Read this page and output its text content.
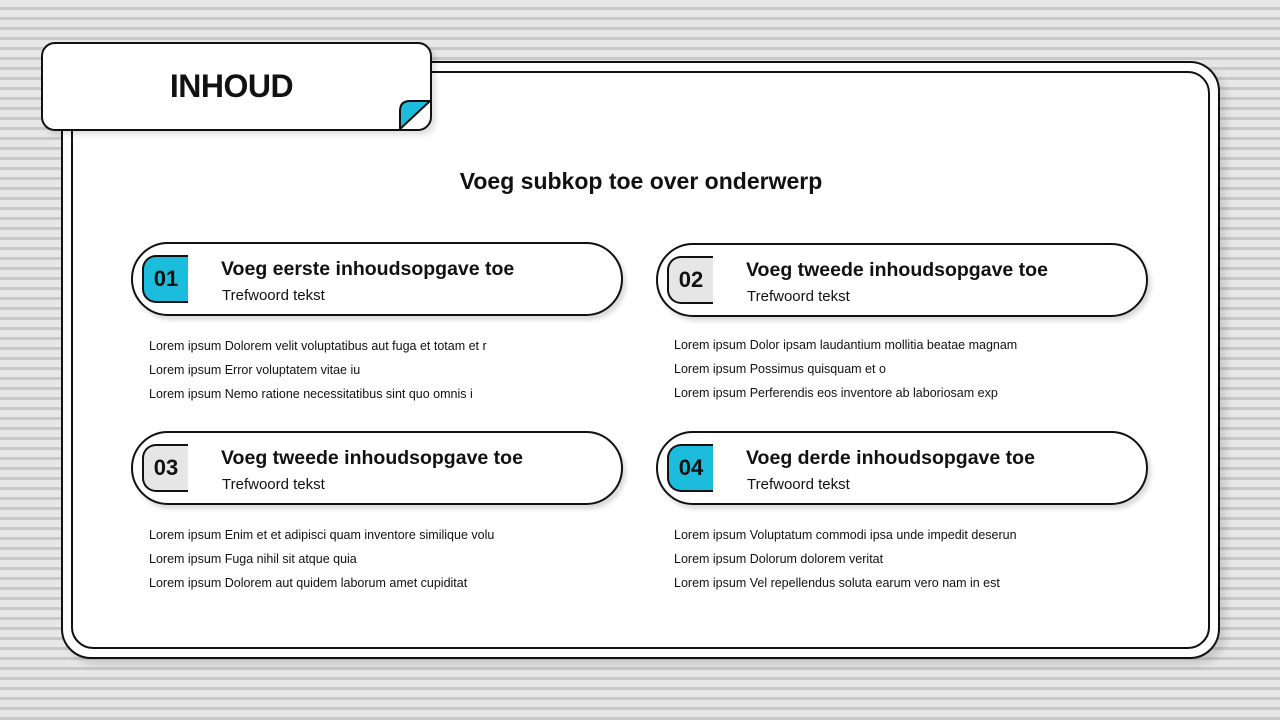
INHOUD
Voeg subkop toe over onderwerp
01	Voeg eerste inhoudsopgave toe
Trefwoord tekst
Lorem ipsum Dolorem velit voluptatibus aut fuga et totam et r
Lorem ipsum Error voluptatem vitae iu
Lorem ipsum Nemo ratione necessitatibus sint quo omnis i
02	Voeg tweede inhoudsopgave toe
Trefwoord tekst
Lorem ipsum Dolor ipsam laudantium mollitia beatae magnam
Lorem ipsum Possimus quisquam et o
Lorem ipsum Perferendis eos inventore ab laboriosam exp
03	Voeg tweede inhoudsopgave toe
Trefwoord tekst
Lorem ipsum Enim et et adipisci quam inventore similique volu
Lorem ipsum Fuga nihil sit atque quia
Lorem ipsum Dolorem aut quidem laborum amet cupiditat
04	Voeg derde inhoudsopgave toe
Trefwoord tekst
Lorem ipsum Voluptatum commodi ipsa unde impedit deserun
Lorem ipsum Dolorum dolorem veritat
Lorem ipsum Vel repellendus soluta earum vero nam in est
